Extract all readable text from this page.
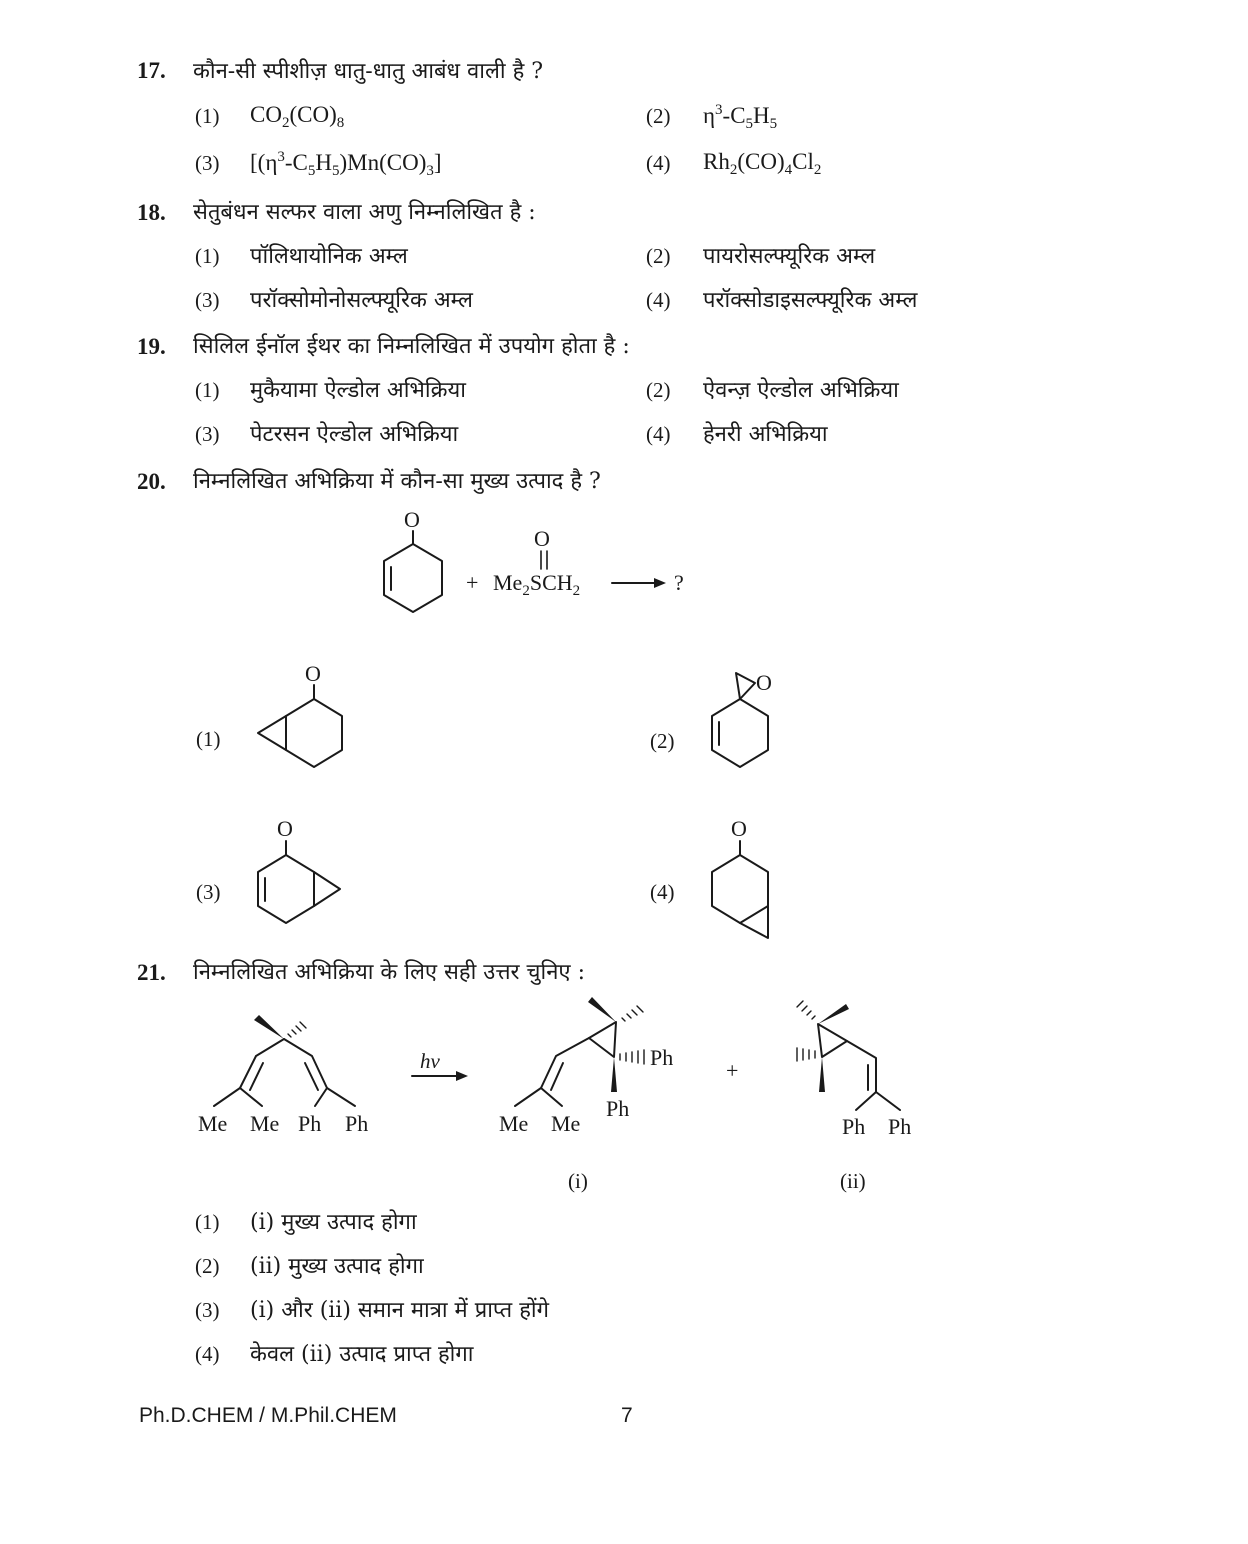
17. कौन-सी स्पीशीज़ धातु-धातु आबंध वाली है ?
(1) $CO_2(CO)_8$	(2) $\eta^3-C_5H_5$
(3) $[(\eta^3-C_5H_5)Mn(CO)_3]$	(4) $Rh_2(CO)_4Cl_2$
18. सेतुबंधन सल्फर वाला अणु निम्नलिखित है :
(1) पॉलिथायोनिक अम्ल	(2) पायरोसल्फ्यूरिक अम्ल
(3) परॉक्सोमोनोसल्फ्यूरिक अम्ल	(4) परॉक्सोडाइसल्फ्यूरिक अम्ल
19. सिलिल ईनॉल ईथर का निम्नलिखित में उपयोग होता है :
(1) मुकैयामा ऐल्डोल अभिक्रिया	(2) ऐवन्ज़ ऐल्डोल अभिक्रिया
(3) पेटरसन ऐल्डोल अभिक्रिया	(4) हेनरी अभिक्रिया
20. निम्नलिखित अभिक्रिया में कौन-सा मुख्य उत्पाद है ?
O
O
+ $Me_2SCH_2$	?
O	O
O	O
Me Me Ph Ph
hν	Ph
Ph
Me Me
(i)
+
Ph Ph
(ii)
(1)	(2)
(3)	(4)
21. निम्नलिखित अभिक्रिया के लिए सही उत्तर चुनिए :
(1) (i) मुख्य उत्पाद होगा
(2) (ii) मुख्य उत्पाद होगा
(3) (i) और (ii) समान मात्रा में प्राप्त होंगे
(4) केवल (ii) उत्पाद प्राप्त होगा
Ph.D.CHEM / M.Phil.CHEM	7
